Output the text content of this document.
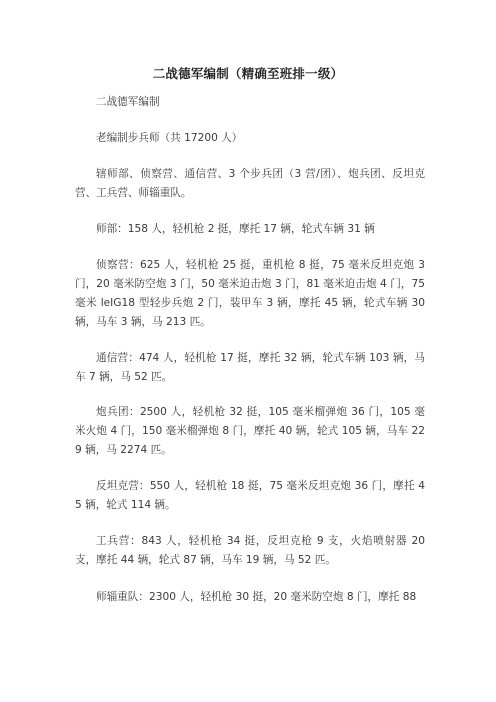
二战德军编制（精确至班排一级）
二战德军编制
老编制步兵师（共 17200 人）
辖师部、侦察营、通信营、3 个步兵团（3 营/团）、炮兵团、反坦克营、工兵营、师辎重队。
师部：158 人，轻机枪 2 挺，摩托 17 辆，轮式车辆 31 辆
侦察营：625 人，轻机枪 25 挺，重机枪 8 挺，75 毫米反坦克炮 3 门，20 毫米防空炮 3 门，50 毫米迫击炮 3 门，81 毫米迫击炮 4 门，75 毫米 leIG18 型轻步兵炮 2 门，装甲车 3 辆，摩托 45 辆，轮式车辆 30 辆，马车 3 辆，马 213 匹。
通信营：474 人，轻机枪 17 挺，摩托 32 辆，轮式车辆 103 辆，马车 7 辆，马 52 匹。
炮兵团：2500 人，轻机枪 32 挺，105 毫米榴弹炮 36 门，105 毫米火炮 4 门，150 毫米榴弹炮 8 门，摩托 40 辆，轮式 105 辆，马车 229 辆，马 2274 匹。
反坦克营：550 人，轻机枪 18 挺，75 毫米反坦克炮 36 门，摩托 45 辆，轮式 114 辆。
工兵营：843 人，轻机枪 34 挺，反坦克枪 9 支，火焰喷射器 20 支，摩托 44 辆，轮式 87 辆，马车 19 辆，马 52 匹。
师辎重队：2300 人，轻机枪 30 挺，20 毫米防空炮 8 门，摩托 88
